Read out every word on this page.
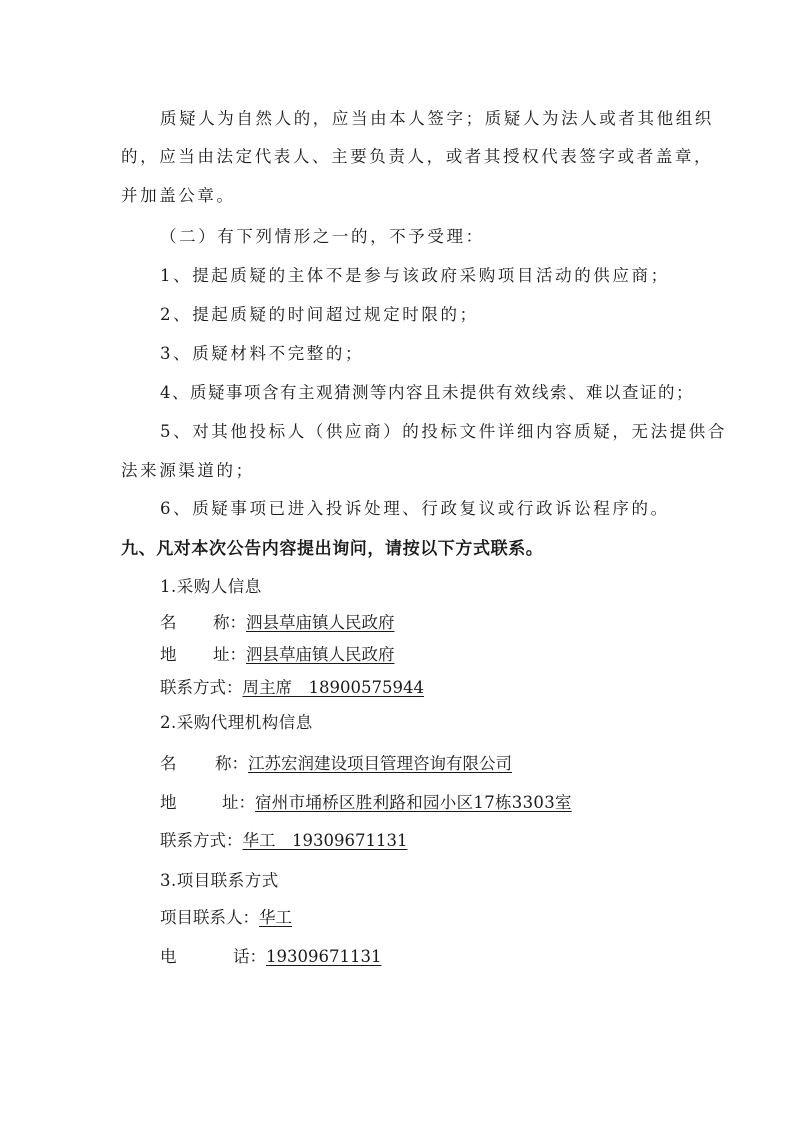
质疑人为自然人的，应当由本人签字；质疑人为法人或者其他组织
的，应当由法定代表人、主要负责人，或者其授权代表签字或者盖章，
并加盖公章。
（二）有下列情形之一的，不予受理：
1、提起质疑的主体不是参与该政府采购项目活动的供应商；
2、提起质疑的时间超过规定时限的；
3、质疑材料不完整的；
4、质疑事项含有主观猜测等内容且未提供有效线索、难以查证的；
5、对其他投标人（供应商）的投标文件详细内容质疑，无法提供合
法来源渠道的；
6、质疑事项已进入投诉处理、行政复议或行政诉讼程序的。
九、凡对本次公告内容提出询问，请按以下方式联系。
1.采购人信息
名 称：泗县草庙镇人民政府
地 址：泗县草庙镇人民政府
联系方式：周主席　18900575944
2.采购代理机构信息
名 称：江苏宏润建设项目管理咨询有限公司
地	址：宿州市埇桥区胜利路和园小区17栋3303室
联系方式：华工　19309671131
3.项目联系方式
项目联系人：华工
电	话：19309671131
